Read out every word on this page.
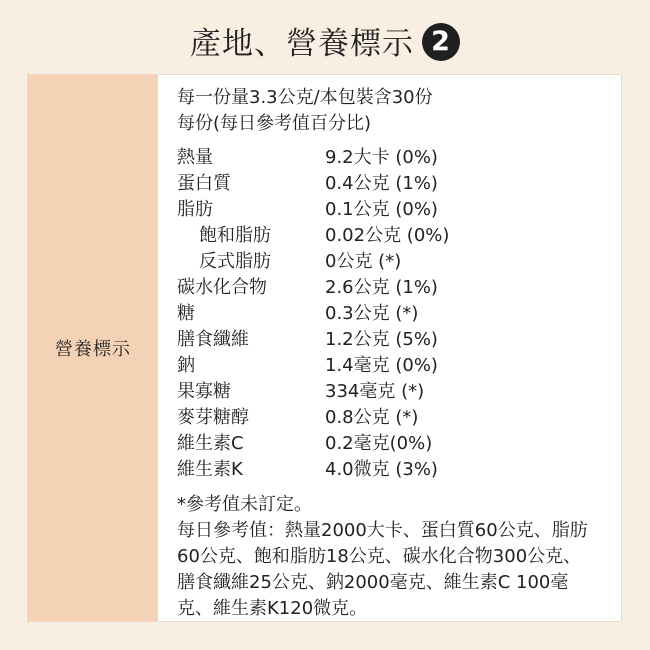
產地、營養標示 2
營養標示
每一份量3.3公克/本包裝含30份
每份(每日參考值百分比)
熱量	9.2大卡 (0%)
蛋白質	0.4公克 (1%)
脂肪	0.1公克 (0%)
飽和脂肪	0.02公克 (0%)
反式脂肪	0公克 (*)
碳水化合物	2.6公克 (1%)
糖	0.3公克 (*)
膳食纖維	1.2公克 (5%)
鈉	1.4毫克 (0%)
果寡糖	334毫克 (*)
麥芽糖醇	0.8公克 (*)
維生素C	0.2毫克(0%)
維生素K	4.0微克 (3%)
*參考值未訂定。
每日參考值：熱量2000大卡、蛋白質60公克、脂肪60公克、飽和脂肪18公克、碳水化合物300公克、膳食纖維25公克、鈉2000毫克、維生素C 100毫克、維生素K120微克。
